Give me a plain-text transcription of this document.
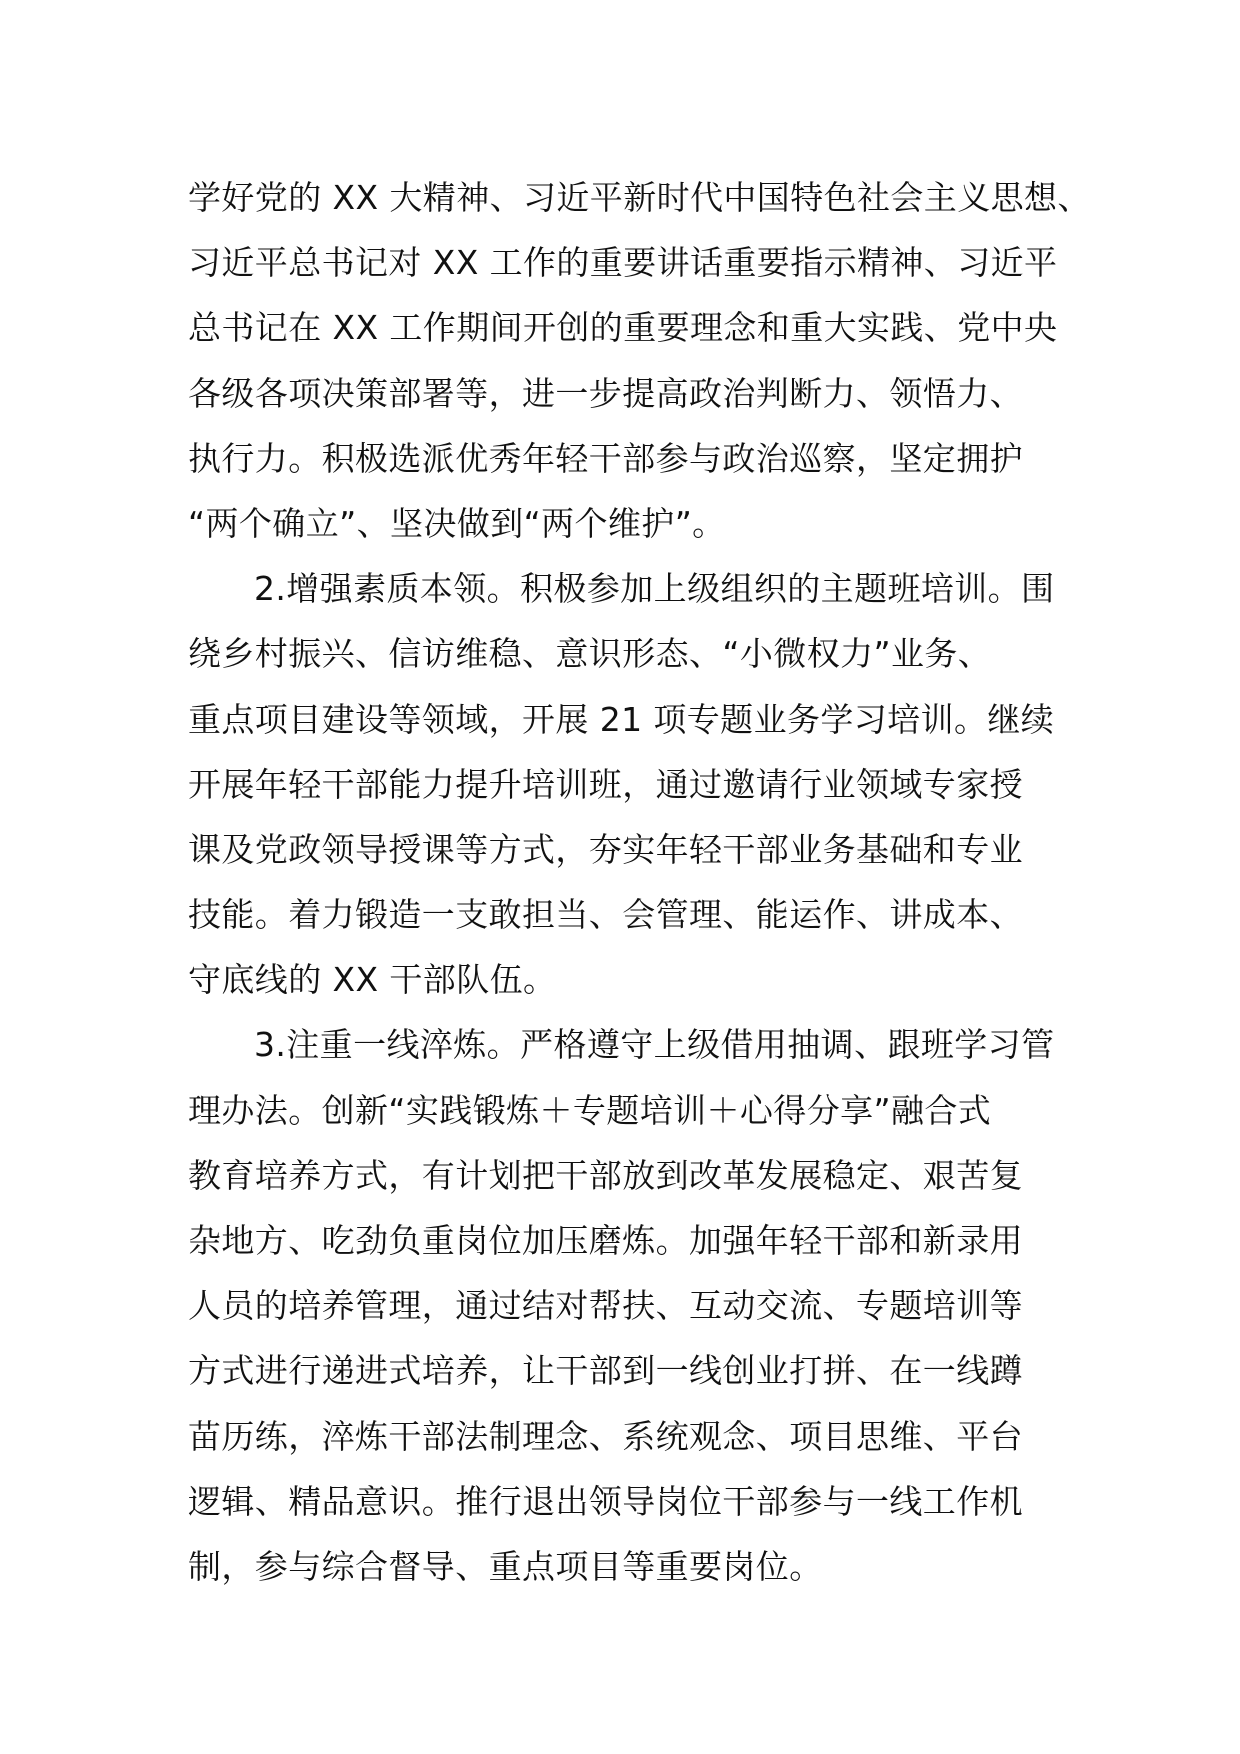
学好党的 XX 大精神、习近平新时代中国特色社会主义思想、
习近平总书记对 XX 工作的重要讲话重要指示精神、习近平
总书记在 XX 工作期间开创的重要理念和重大实践、党中央
各级各项决策部署等，进一步提高政治判断力、领悟力、
执行力。积极选派优秀年轻干部参与政治巡察，坚定拥护
“两个确立”、坚决做到“两个维护”。
2.增强素质本领。积极参加上级组织的主题班培训。围
绕乡村振兴、信访维稳、意识形态、“小微权力”业务、
重点项目建设等领域，开展 21 项专题业务学习培训。继续
开展年轻干部能力提升培训班，通过邀请行业领域专家授
课及党政领导授课等方式，夯实年轻干部业务基础和专业
技能。着力锻造一支敢担当、会管理、能运作、讲成本、
守底线的 XX 干部队伍。
3.注重一线淬炼。严格遵守上级借用抽调、跟班学习管
理办法。创新“实践锻炼＋专题培训＋心得分享”融合式
教育培养方式，有计划把干部放到改革发展稳定、艰苦复
杂地方、吃劲负重岗位加压磨炼。加强年轻干部和新录用
人员的培养管理，通过结对帮扶、互动交流、专题培训等
方式进行递进式培养，让干部到一线创业打拼、在一线蹲
苗历练，淬炼干部法制理念、系统观念、项目思维、平台
逻辑、精品意识。推行退出领导岗位干部参与一线工作机
制，参与综合督导、重点项目等重要岗位。
